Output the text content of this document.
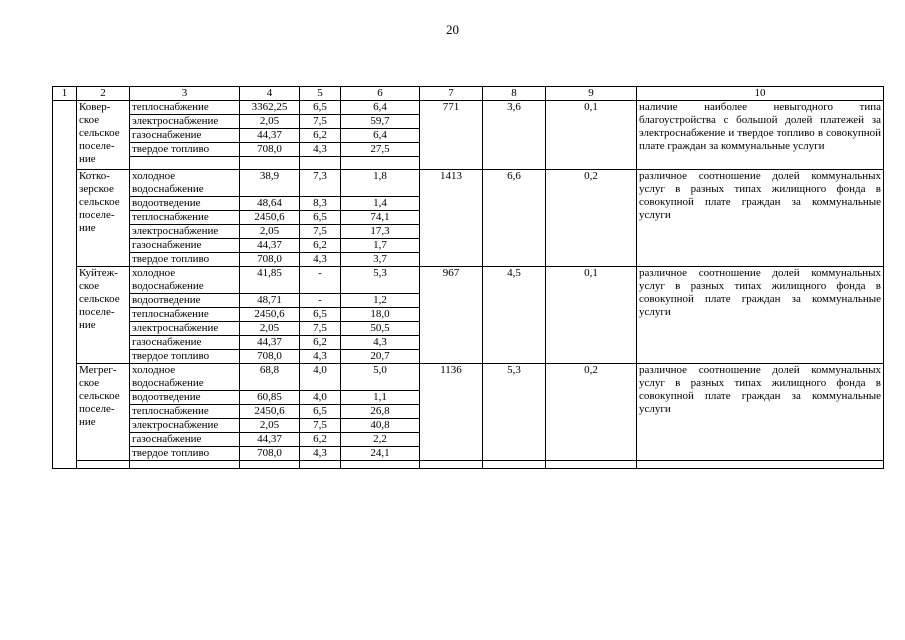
20
1	2	3	4	5	6	7	8	9	10
	Ковер-
ское
сельское
поселе-
ние	теплоснабжение	3362,25	6,5	6,4	771	3,6	0,1	наличие наиболее невыгодного типа благоустройства с большой долей платежей за электроснабжение и твердое топливо в совокупной плате граждан за коммунальные услуги
		электроснабжение	2,05	7,5	59,7				
		газоснабжение	44,37	6,2	6,4				
		твердое топливо	708,0	4,3	27,5				

	Котко-
зерское
сельское
поселе-
ние	холодное водоснабжение	38,9	7,3	1,8	1413	6,6	0,2	различное соотношение долей коммунальных услуг в разных типах жилищного фонда в совокупной плате граждан за коммунальные услуги
		водоотведение	48,64	8,3	1,4				
		теплоснабжение	2450,6	6,5	74,1				
		электроснабжение	2,05	7,5	17,3				
		газоснабжение	44,37	6,2	1,7				
		твердое топливо	708,0	4,3	3,7				
	Куйтеж-
ское
сельское
поселе-
ние	холодное водоснабжение	41,85	-	5,3	967	4,5	0,1	различное соотношение долей коммунальных услуг в разных типах жилищного фонда в совокупной плате граждан за коммунальные услуги
		водоотведение	48,71	-	1,2				
		теплоснабжение	2450,6	6,5	18,0				
		электроснабжение	2,05	7,5	50,5				
		газоснабжение	44,37	6,2	4,3				
		твердое топливо	708,0	4,3	20,7				
	Мегрег-
ское
сельское
поселе-
ние	холодное водоснабжение	68,8	4,0	5,0	1136	5,3	0,2	различное соотношение долей коммунальных услуг в разных типах жилищного фонда в совокупной плате граждан за коммунальные услуги
		водоотведение	60,85	4,0	1,1				
		теплоснабжение	2450,6	6,5	26,8				
		электроснабжение	2,05	7,5	40,8				
		газоснабжение	44,37	6,2	2,2				
		твердое топливо	708,0	4,3	24,1				
